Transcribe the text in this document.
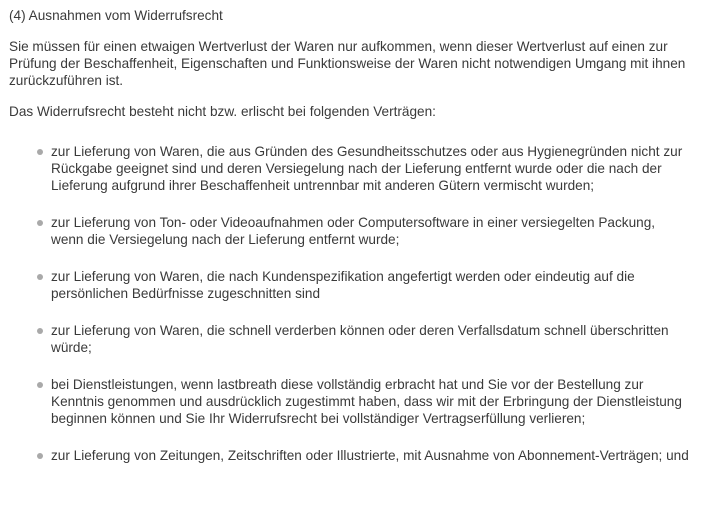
(4) Ausnahmen vom Widerrufsrecht

Sie müssen für einen etwaigen Wertverlust der Waren nur aufkommen, wenn dieser Wertverlust auf einen zur Prüfung der Beschaffenheit, Eigenschaften und Funktionsweise der Waren nicht notwendigen Umgang mit ihnen zurückzuführen ist.

Das Widerrufsrecht besteht nicht bzw. erlischt bei folgenden Verträgen:

zur Lieferung von Waren, die aus Gründen des Gesundheitsschutzes oder aus Hygienegründen nicht zur Rückgabe geeignet sind und deren Versiegelung nach der Lieferung entfernt wurde oder die nach der Lieferung aufgrund ihrer Beschaffenheit untrennbar mit anderen Gütern vermischt wurden;
zur Lieferung von Ton- oder Videoaufnahmen oder Computersoftware in einer versiegelten Packung, wenn die Versiegelung nach der Lieferung entfernt wurde;
zur Lieferung von Waren, die nach Kundenspezifikation angefertigt werden oder eindeutig auf die persönlichen Bedürfnisse zugeschnitten sind
zur Lieferung von Waren, die schnell verderben können oder deren Verfallsdatum schnell überschritten würde;
bei Dienstleistungen, wenn lastbreath diese vollständig erbracht hat und Sie vor der Bestellung zur Kenntnis genommen und ausdrücklich zugestimmt haben, dass wir mit der Erbringung der Dienstleistung beginnen können und Sie Ihr Widerrufsrecht bei vollständiger Vertragserfüllung verlieren;
zur Lieferung von Zeitungen, Zeitschriften oder Illustrierte, mit Ausnahme von Abonnement-Verträgen; und
